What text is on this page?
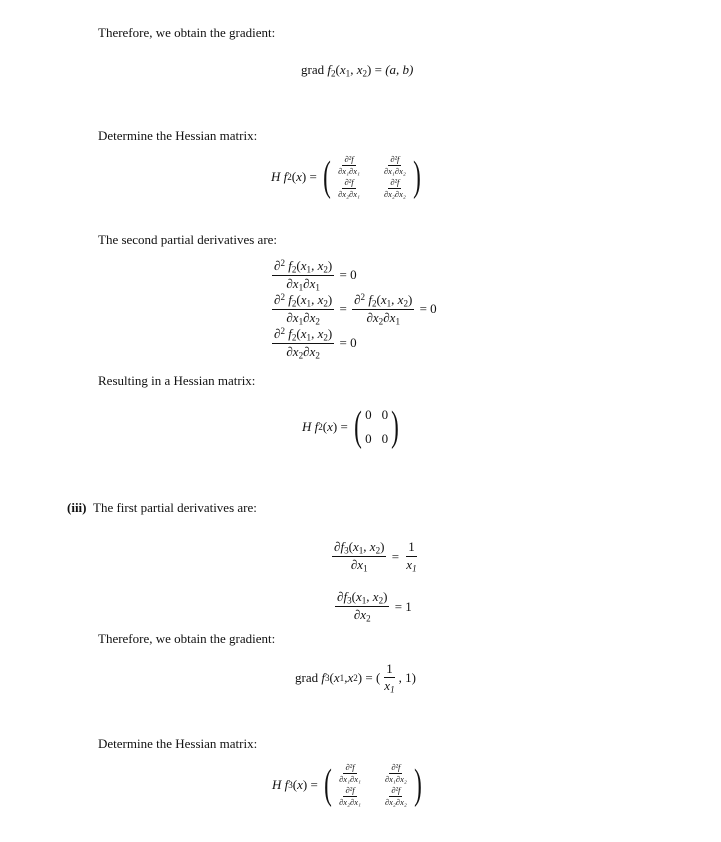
Therefore, we obtain the gradient:
grad $f_2(x_1$, $x_2) = (a$, b)
Determine the Hessian matrix:
H f 2 ( x ) = ( $\frac{\text{∂²f}}{\text{∂x₁∂x₁}} \frac{\text{∂²f}}{\text{∂x₁∂x₂}}$
$\frac{\text{∂²f}}{\text{∂x₂∂x₁}} \frac{\text{∂²f}}{\text{∂x₂∂x₂}}$ )
The second partial derivatives are:
$\frac{\partial^2 f_2(x_1, x_2)}{\partial x_1\partial x_1} = 0$
$\frac{\partial^2 f_2(x_1, x_2)}{\partial x_1\partial x_2} = \frac{\partial^2 f_2(x_1, x_2)}{\partial x_2\partial x_1} = 0$
$\frac{\partial^2 f_2(x_1, x_2)}{\partial x_2\partial x_2} = 0$
Resulting in a Hessian matrix:
H f 2 ( x ) = ( 0 0
0 0 )
(iii) The first partial derivatives are:
$\frac{\partial f_3(x_1, x_2)}{\partial x_1} = \frac{1}{x_1}$
$\frac{\partial f_3(x_1, x_2)}{\partial x_2} = 1$
Therefore, we obtain the gradient:
grad
f 3 ( x 1 , x 2 ) = ( $\frac{1}{x_1}$ , 1)
Determine the Hessian matrix:
H f 3 ( x ) = ( $\frac{\text{∂²f}}{\text{∂x₁∂x₁}} \frac{\text{∂²f}}{\text{∂x₁∂x₂}}$
$\frac{\text{∂²f}}{\text{∂x₂∂x₁}} \frac{\text{∂²f}}{\text{∂x₂∂x₂}}$ )
